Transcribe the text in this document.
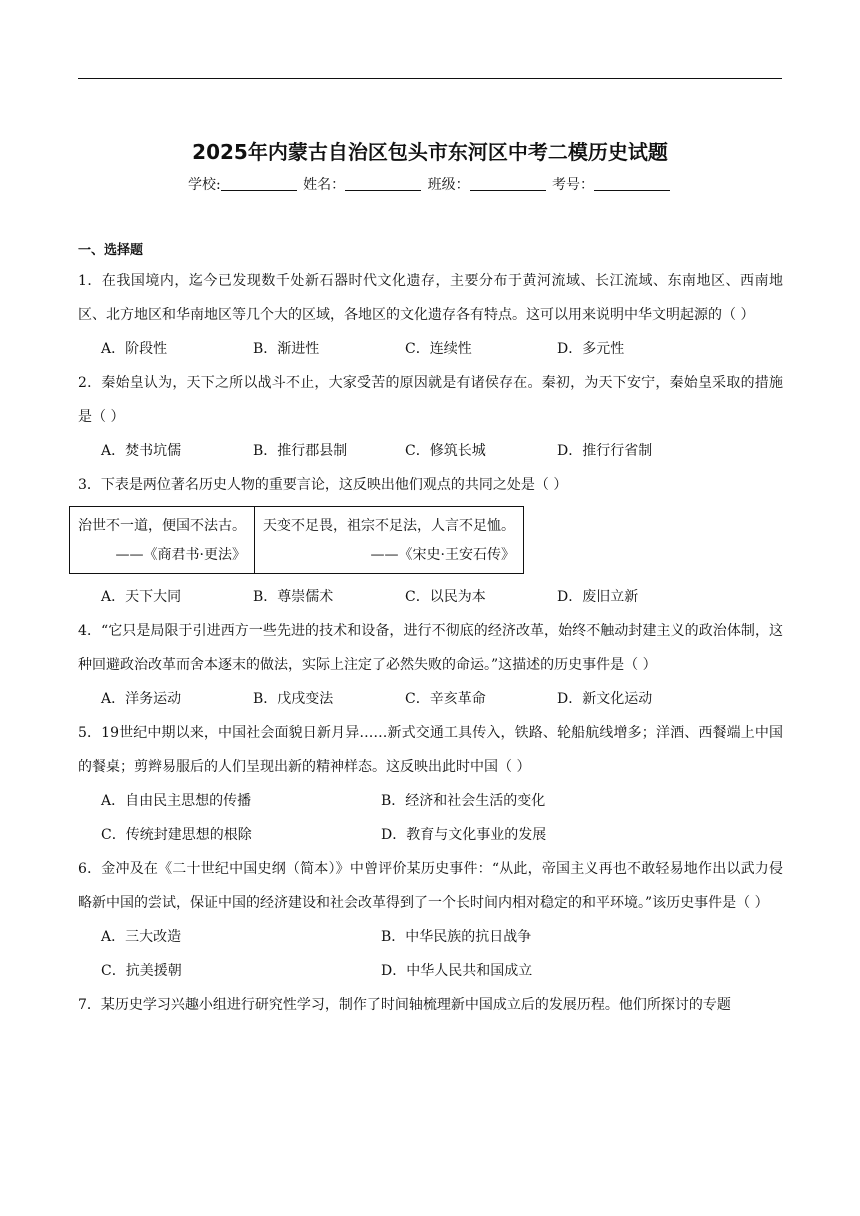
2025年内蒙古自治区包头市东河区中考二模历史试题
学校:	姓名：	班级：	考号：
一、选择题
1．在我国境内，迄今已发现数千处新石器时代文化遗存，主要分布于黄河流域、长江流域、东南地区、西南地区、北方地区和华南地区等几个大的区域，各地区的文化遗存各有特点。这可以用来说明中华文明起源的（ ）
A．阶段性	B．渐进性	C．连续性	D．多元性
2．秦始皇认为，天下之所以战斗不止，大家受苦的原因就是有诸侯存在。秦初，为天下安宁，秦始皇采取的措施是（ ）
A．焚书坑儒	B．推行郡县制	C．修筑长城	D．推行行省制
3．下表是两位著名历史人物的重要言论，这反映出他们观点的共同之处是（ ）
治世不一道，便国不法古。
——《商君书·更法》

天变不足畏，祖宗不足法，人言不足恤。
——《宋史·王安石传》
A．天下大同	B．尊崇儒术	C．以民为本	D．废旧立新
4．“它只是局限于引进西方一些先进的技术和设备，进行不彻底的经济改革，始终不触动封建主义的政治体制，这种回避政治改革而舍本逐末的做法，实际上注定了必然失败的命运。”这描述的历史事件是（ ）
A．洋务运动	B．戊戌变法	C．辛亥革命	D．新文化运动
5．19世纪中期以来，中国社会面貌日新月异……新式交通工具传入，铁路、轮船航线增多；洋酒、西餐端上中国的餐桌；剪辫易服后的人们呈现出新的精神样态。这反映出此时中国（ ）
A．自由民主思想的传播	B．经济和社会生活的变化
C．传统封建思想的根除	D．教育与文化事业的发展
6．金冲及在《二十世纪中国史纲（简本）》中曾评价某历史事件：“从此，帝国主义再也不敢轻易地作出以武力侵略新中国的尝试，保证中国的经济建设和社会改革得到了一个长时间内相对稳定的和平环境。”该历史事件是（ ）
A．三大改造	B．中华民族的抗日战争
C．抗美援朝	D．中华人民共和国成立
7．某历史学习兴趣小组进行研究性学习，制作了时间轴梳理新中国成立后的发展历程。他们所探讨的专题
